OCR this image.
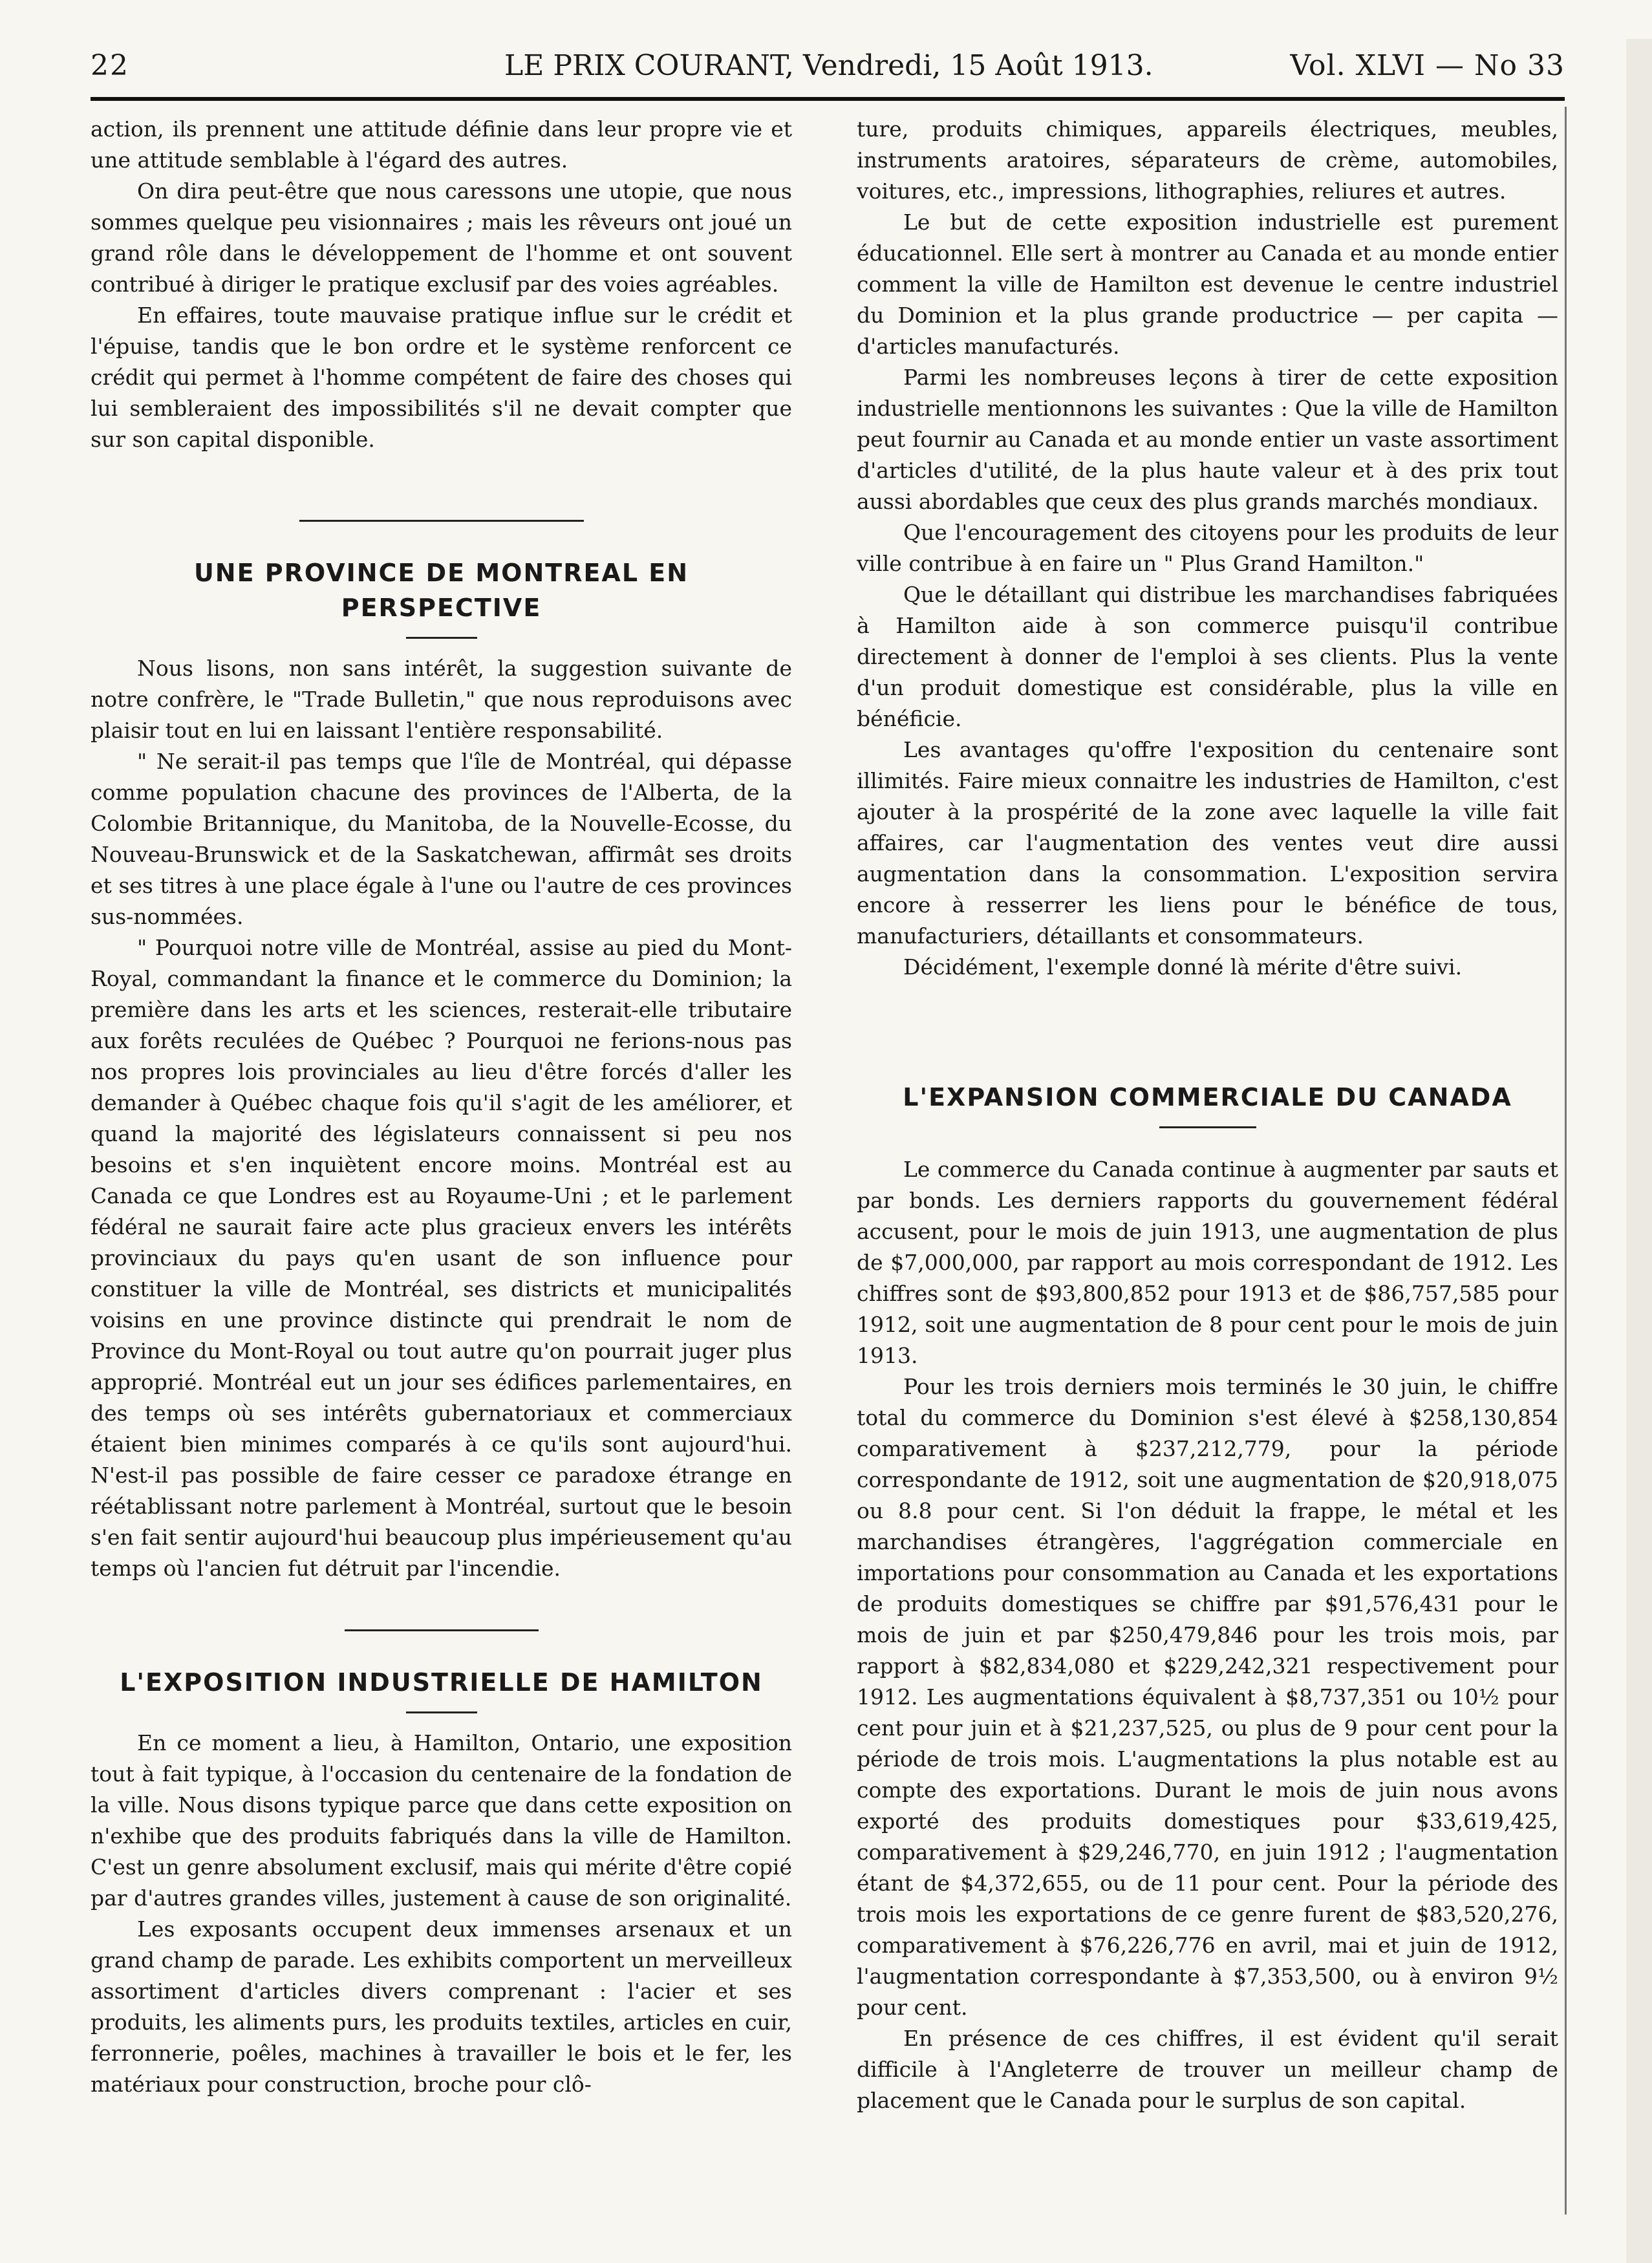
22	LE PRIX COURANT, Vendredi, 15 Août 1913.	Vol. XLVI — No 33

action, ils prennent une attitude définie dans leur propre vie et une attitude semblable à l'égard des autres.

On dira peut-être que nous caressons une utopie, que nous sommes quelque peu visionnaires ; mais les rêveurs ont joué un grand rôle dans le développement de l'homme et ont souvent contribué à diriger le pratique exclusif par des voies agréables.

En effaires, toute mauvaise pratique influe sur le crédit et l'épuise, tandis que le bon ordre et le système renforcent ce crédit qui permet à l'homme compétent de faire des choses qui lui sembleraient des impossibilités s'il ne devait compter que sur son capital disponible.

UNE PROVINCE DE MONTREAL EN PERSPECTIVE

Nous lisons, non sans intérêt, la suggestion suivante de notre confrère, le "Trade Bulletin," que nous reproduisons avec plaisir tout en lui en laissant l'entière responsabilité.

" Ne serait-il pas temps que l'île de Montréal, qui dépasse comme population chacune des provinces de l'Alberta, de la Colombie Britannique, du Manitoba, de la Nouvelle-Ecosse, du Nouveau-Brunswick et de la Saskatchewan, affirmât ses droits et ses titres à une place égale à l'une ou l'autre de ces provinces sus-nommées.

" Pourquoi notre ville de Montréal, assise au pied du Mont-Royal, commandant la finance et le commerce du Dominion; la première dans les arts et les sciences, resterait-elle tributaire aux forêts reculées de Québec ? Pourquoi ne ferions-nous pas nos propres lois provinciales au lieu d'être forcés d'aller les demander à Québec chaque fois qu'il s'agit de les améliorer, et quand la majorité des législateurs connaissent si peu nos besoins et s'en inquiètent encore moins. Montréal est au Canada ce que Londres est au Royaume-Uni ; et le parlement fédéral ne saurait faire acte plus gracieux envers les intérêts provinciaux du pays qu'en usant de son influence pour constituer la ville de Montréal, ses districts et municipalités voisins en une province distincte qui prendrait le nom de Province du Mont-Royal ou tout autre qu'on pourrait juger plus approprié. Montréal eut un jour ses édifices parlementaires, en des temps où ses intérêts gubernatoriaux et commerciaux étaient bien minimes comparés à ce qu'ils sont aujourd'hui. N'est-il pas possible de faire cesser ce paradoxe étrange en réétablissant notre parlement à Montréal, surtout que le besoin s'en fait sentir aujourd'hui beaucoup plus impérieusement qu'au temps où l'ancien fut détruit par l'incendie.

L'EXPOSITION INDUSTRIELLE DE HAMILTON

En ce moment a lieu, à Hamilton, Ontario, une exposition tout à fait typique, à l'occasion du centenaire de la fondation de la ville. Nous disons typique parce que dans cette exposition on n'exhibe que des produits fabriqués dans la ville de Hamilton. C'est un genre absolument exclusif, mais qui mérite d'être copié par d'autres grandes villes, justement à cause de son originalité.

Les exposants occupent deux immenses arsenaux et un grand champ de parade. Les exhibits comportent un merveilleux assortiment d'articles divers comprenant : l'acier et ses produits, les aliments purs, les produits textiles, articles en cuir, ferronnerie, poêles, machines à travailler le bois et le fer, les matériaux pour construction, broche pour clô-

ture, produits chimiques, appareils électriques, meubles, instruments aratoires, séparateurs de crème, automobiles, voitures, etc., impressions, lithographies, reliures et autres.

Le but de cette exposition industrielle est purement éducationnel. Elle sert à montrer au Canada et au monde entier comment la ville de Hamilton est devenue le centre industriel du Dominion et la plus grande productrice — per capita — d'articles manufacturés.

Parmi les nombreuses leçons à tirer de cette exposition industrielle mentionnons les suivantes : Que la ville de Hamilton peut fournir au Canada et au monde entier un vaste assortiment d'articles d'utilité, de la plus haute valeur et à des prix tout aussi abordables que ceux des plus grands marchés mondiaux.

Que l'encouragement des citoyens pour les produits de leur ville contribue à en faire un " Plus Grand Hamilton."

Que le détaillant qui distribue les marchandises fabriquées à Hamilton aide à son commerce puisqu'il contribue directement à donner de l'emploi à ses clients. Plus la vente d'un produit domestique est considérable, plus la ville en bénéficie.

Les avantages qu'offre l'exposition du centenaire sont illimités. Faire mieux connaitre les industries de Hamilton, c'est ajouter à la prospérité de la zone avec laquelle la ville fait affaires, car l'augmentation des ventes veut dire aussi augmentation dans la consommation. L'exposition servira encore à resserrer les liens pour le bénéfice de tous, manufacturiers, détaillants et consommateurs.

Décidément, l'exemple donné là mérite d'être suivi.

L'EXPANSION COMMERCIALE DU CANADA

Le commerce du Canada continue à augmenter par sauts et par bonds. Les derniers rapports du gouvernement fédéral accusent, pour le mois de juin 1913, une augmentation de plus de $7,000,000, par rapport au mois correspondant de 1912. Les chiffres sont de $93,800,852 pour 1913 et de $86,757,585 pour 1912, soit une augmentation de 8 pour cent pour le mois de juin 1913.

Pour les trois derniers mois terminés le 30 juin, le chiffre total du commerce du Dominion s'est élevé à $258,130,854 comparativement à $237,212,779, pour la période correspondante de 1912, soit une augmentation de $20,918,075 ou 8.8 pour cent. Si l'on déduit la frappe, le métal et les marchandises étrangères, l'aggrégation commerciale en importations pour consommation au Canada et les exportations de produits domestiques se chiffre par $91,576,431 pour le mois de juin et par $250,479,846 pour les trois mois, par rapport à $82,834,080 et $229,242,321 respectivement pour 1912. Les augmentations équivalent à $8,737,351 ou 10½ pour cent pour juin et à $21,237,525, ou plus de 9 pour cent pour la période de trois mois. L'augmentations la plus notable est au compte des exportations. Durant le mois de juin nous avons exporté des produits domestiques pour $33,619,425, comparativement à $29,246,770, en juin 1912 ; l'augmentation étant de $4,372,655, ou de 11 pour cent. Pour la période des trois mois les exportations de ce genre furent de $83,520,276, comparativement à $76,226,776 en avril, mai et juin de 1912, l'augmentation correspondante à $7,353,500, ou à environ 9½ pour cent.

En présence de ces chiffres, il est évident qu'il serait difficile à l'Angleterre de trouver un meilleur champ de placement que le Canada pour le surplus de son capital.
